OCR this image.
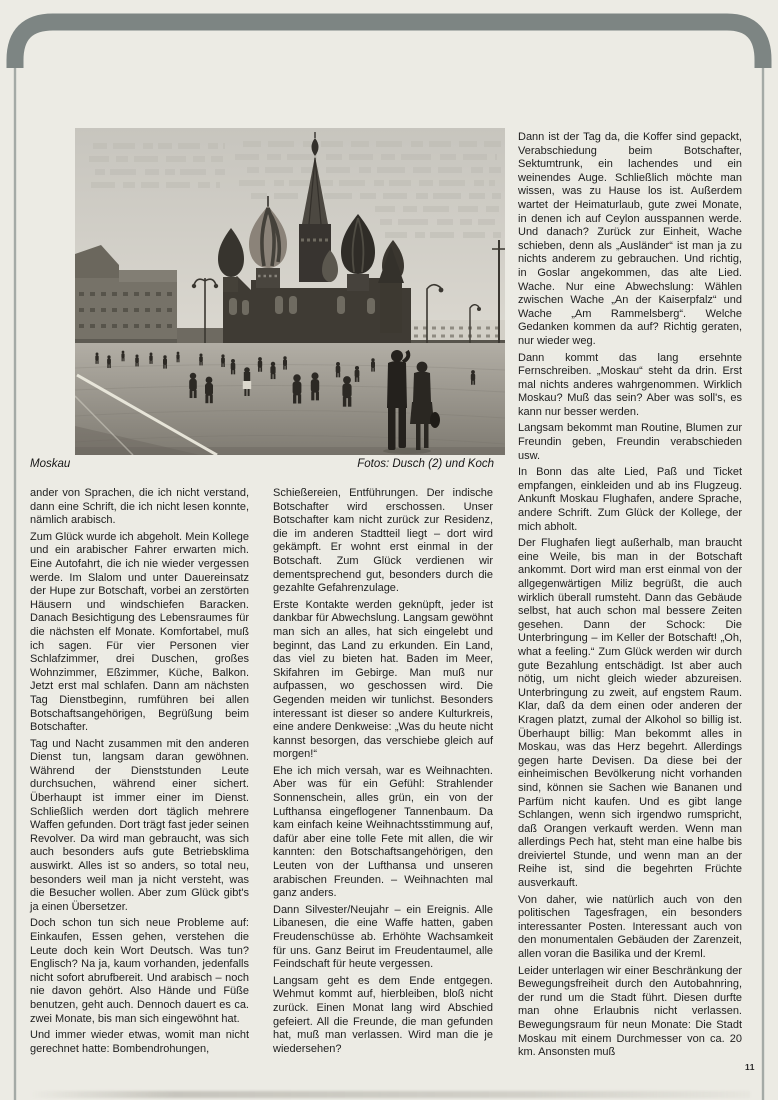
Moskau	Fotos: Dusch (2) und Koch

ander von Sprachen, die ich nicht verstand, dann eine Schrift, die ich nicht lesen konnte, nämlich arabisch.

Zum Glück wurde ich abgeholt. Mein Kollege und ein arabischer Fahrer erwarten mich. Eine Autofahrt, die ich nie wieder vergessen werde. Im Slalom und unter Dauereinsatz der Hupe zur Botschaft, vorbei an zerstörten Häusern und windschiefen Baracken. Danach Besichtigung des Lebensraumes für die nächsten elf Monate. Komfortabel, muß ich sagen. Für vier Personen vier Schlafzimmer, drei Duschen, großes Wohnzimmer, Eßzimmer, Küche, Balkon. Jetzt erst mal schlafen. Dann am nächsten Tag Dienstbeginn, rumführen bei allen Botschaftsangehörigen, Begrüßung beim Botschafter.

Tag und Nacht zusammen mit den anderen Dienst tun, langsam daran gewöhnen. Während der Dienststunden Leute durchsuchen, während einer sichert. Überhaupt ist immer einer im Dienst. Schließlich werden dort täglich mehrere Waffen gefunden. Dort trägt fast jeder seinen Revolver. Da wird man gebraucht, was sich auch besonders aufs gute Betriebsklima auswirkt. Alles ist so anders, so total neu, besonders weil man ja nicht versteht, was die Besucher wollen. Aber zum Glück gibt's ja einen Übersetzer.

Doch schon tun sich neue Probleme auf: Einkaufen, Essen gehen, verstehen die Leute doch kein Wort Deutsch. Was tun? Englisch? Na ja, kaum vorhanden, jedenfalls nicht sofort abrufbereit. Und arabisch – noch nie davon gehört. Also Hände und Füße benutzen, geht auch. Dennoch dauert es ca. zwei Monate, bis man sich eingewöhnt hat.

Und immer wieder etwas, womit man nicht gerechnet hatte: Bombendrohungen,

Schießereien, Entführungen. Der indische Botschafter wird erschossen. Unser Botschafter kam nicht zurück zur Residenz, die im anderen Stadtteil liegt – dort wird gekämpft. Er wohnt erst einmal in der Botschaft. Zum Glück verdienen wir dementsprechend gut, besonders durch die gezahlte Gefahrenzulage.

Erste Kontakte werden geknüpft, jeder ist dankbar für Abwechslung. Langsam gewöhnt man sich an alles, hat sich eingelebt und beginnt, das Land zu erkunden. Ein Land, das viel zu bieten hat. Baden im Meer, Skifahren im Gebirge. Man muß nur aufpassen, wo geschossen wird. Die Gegenden meiden wir tunlichst. Besonders interessant ist dieser so andere Kulturkreis, eine andere Denkweise: „Was du heute nicht kannst besorgen, das verschiebe gleich auf morgen!“

Ehe ich mich versah, war es Weihnachten. Aber was für ein Gefühl: Strahlender Sonnenschein, alles grün, ein von der Lufthansa eingeflogener Tannenbaum. Da kam einfach keine Weihnachtsstimmung auf, dafür aber eine tolle Fete mit allen, die wir kannten: den Botschaftsangehörigen, den Leuten von der Lufthansa und unseren arabischen Freunden. – Weihnachten mal ganz anders.

Dann Silvester/Neujahr – ein Ereignis. Alle Libanesen, die eine Waffe hatten, gaben Freudenschüsse ab. Erhöhte Wachsamkeit für uns. Ganz Beirut im Freudentaumel, alle Feindschaft für heute vergessen.

Langsam geht es dem Ende entgegen. Wehmut kommt auf, hierbleiben, bloß nicht zurück. Einen Monat lang wird Abschied gefeiert. All die Freunde, die man gefunden hat, muß man verlassen. Wird man die je wiedersehen?

Dann ist der Tag da, die Koffer sind gepackt, Verabschiedung beim Botschafter, Sektumtrunk, ein lachendes und ein weinendes Auge. Schließlich möchte man wissen, was zu Hause los ist. Außerdem wartet der Heimaturlaub, gute zwei Monate, in denen ich auf Ceylon ausspannen werde. Und danach? Zurück zur Einheit, Wache schieben, denn als „Ausländer“ ist man ja zu nichts anderem zu gebrauchen. Und richtig, in Goslar angekommen, das alte Lied. Wache. Nur eine Abwechslung: Wählen zwischen Wache „An der Kaiserpfalz“ und Wache „Am Rammelsberg“. Welche Gedanken kommen da auf? Richtig geraten, nur wieder weg.

Dann kommt das lang ersehnte Fernschreiben. „Moskau“ steht da drin. Erst mal nichts anderes wahrgenommen. Wirklich Moskau? Muß das sein? Aber was soll's, es kann nur besser werden.

Langsam bekommt man Routine, Blumen zur Freundin geben, Freundin verabschieden usw.

In Bonn das alte Lied, Paß und Ticket empfangen, einkleiden und ab ins Flugzeug. Ankunft Moskau Flughafen, andere Sprache, andere Schrift. Zum Glück der Kollege, der mich abholt.

Der Flughafen liegt außerhalb, man braucht eine Weile, bis man in der Botschaft ankommt. Dort wird man erst einmal von der allgegenwärtigen Miliz begrüßt, die auch wirklich überall rumsteht. Dann das Gebäude selbst, hat auch schon mal bessere Zeiten gesehen. Dann der Schock: Die Unterbringung – im Keller der Botschaft! „Oh, what a feeling.“ Zum Glück werden wir durch gute Bezahlung entschädigt. Ist aber auch nötig, um nicht gleich wieder abzureisen. Unterbringung zu zweit, auf engstem Raum. Klar, daß da dem einen oder anderen der Kragen platzt, zumal der Alkohol so billig ist. Überhaupt billig: Man bekommt alles in Moskau, was das Herz begehrt. Allerdings gegen harte Devisen. Da diese bei der einheimischen Bevölkerung nicht vorhanden sind, können sie Sachen wie Bananen und Parfüm nicht kaufen. Und es gibt lange Schlangen, wenn sich irgendwo rumspricht, daß Orangen verkauft werden. Wenn man allerdings Pech hat, steht man eine halbe bis dreiviertel Stunde, und wenn man an der Reihe ist, sind die begehrten Früchte ausverkauft.

Von daher, wie natürlich auch von den politischen Tagesfragen, ein besonders interessanter Posten. Interessant auch von den monumentalen Gebäuden der Zarenzeit, allen voran die Basilika und der Kreml.

Leider unterlagen wir einer Beschränkung der Bewegungsfreiheit durch den Autobahnring, der rund um die Stadt führt. Diesen durfte man ohne Erlaubnis nicht verlassen. Bewegungsraum für neun Monate: Die Stadt Moskau mit einem Durchmesser von ca. 20 km. Ansonsten muß

11
